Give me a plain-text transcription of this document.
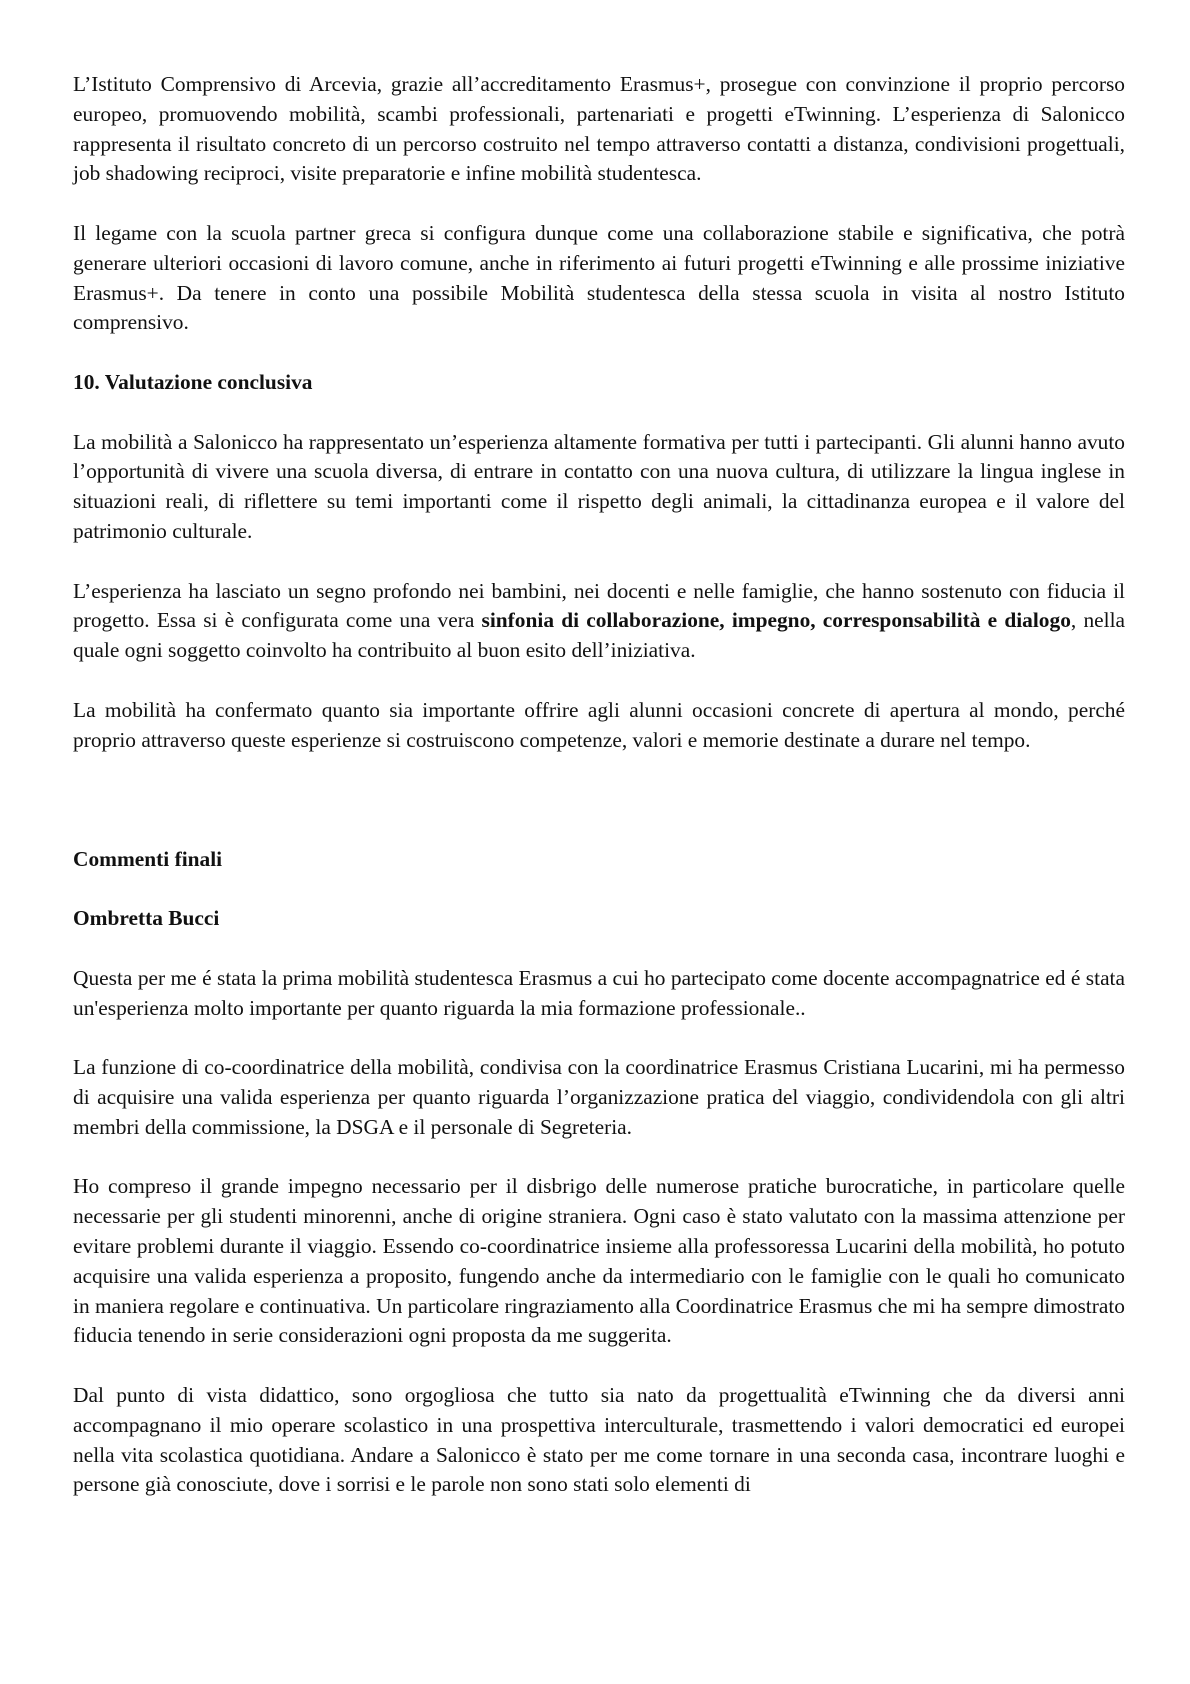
L’Istituto Comprensivo di Arcevia, grazie all’accreditamento Erasmus+, prosegue con convinzione il proprio percorso europeo, promuovendo mobilità, scambi professionali, partenariati e progetti eTwinning. L’esperienza di Salonicco rappresenta il risultato concreto di un percorso costruito nel tempo attraverso contatti a distanza, condivisioni progettuali, job shadowing reciproci, visite preparatorie e infine mobilità studentesca.

Il legame con la scuola partner greca si configura dunque come una collaborazione stabile e significativa, che potrà generare ulteriori occasioni di lavoro comune, anche in riferimento ai futuri progetti eTwinning e alle prossime iniziative Erasmus+. Da tenere in conto una possibile Mobilità studentesca della stessa scuola in visita al nostro Istituto comprensivo.

10. Valutazione conclusiva

La mobilità a Salonicco ha rappresentato un’esperienza altamente formativa per tutti i partecipanti. Gli alunni hanno avuto l’opportunità di vivere una scuola diversa, di entrare in contatto con una nuova cultura, di utilizzare la lingua inglese in situazioni reali, di riflettere su temi importanti come il rispetto degli animali, la cittadinanza europea e il valore del patrimonio culturale.

L’esperienza ha lasciato un segno profondo nei bambini, nei docenti e nelle famiglie, che hanno sostenuto con fiducia il progetto. Essa si è configurata come una vera sinfonia di collaborazione, impegno, corresponsabilità e dialogo, nella quale ogni soggetto coinvolto ha contribuito al buon esito dell’iniziativa.

La mobilità ha confermato quanto sia importante offrire agli alunni occasioni concrete di apertura al mondo, perché proprio attraverso queste esperienze si costruiscono competenze, valori e memorie destinate a durare nel tempo.

Commenti finali
Ombretta Bucci

Questa per me é stata la prima mobilità studentesca Erasmus a cui ho partecipato come docente accompagnatrice ed é stata un'esperienza molto importante per quanto riguarda la mia formazione professionale..

La funzione di co-coordinatrice della mobilità, condivisa con la coordinatrice Erasmus Cristiana Lucarini, mi ha permesso di acquisire una valida esperienza per quanto riguarda l’organizzazione pratica del viaggio, condividendola con gli altri membri della commissione, la DSGA e il personale di Segreteria.

Ho compreso il grande impegno necessario per il disbrigo delle numerose pratiche burocratiche, in particolare quelle necessarie per gli studenti minorenni, anche di origine straniera. Ogni caso è stato valutato con la massima attenzione per evitare problemi durante il viaggio. Essendo co-coordinatrice insieme alla professoressa Lucarini della mobilità, ho potuto acquisire una valida esperienza a proposito, fungendo anche da intermediario con le famiglie con le quali ho comunicato in maniera regolare e continuativa. Un particolare ringraziamento alla Coordinatrice Erasmus che mi ha sempre dimostrato fiducia tenendo in serie considerazioni ogni proposta da me suggerita.

Dal punto di vista didattico, sono orgogliosa che tutto sia nato da progettualità eTwinning che da diversi anni accompagnano il mio operare scolastico in una prospettiva interculturale, trasmettendo i valori democratici ed europei nella vita scolastica quotidiana. Andare a Salonicco è stato per me come tornare in una seconda casa, incontrare luoghi e persone già conosciute, dove i sorrisi e le parole non sono stati solo elementi di
